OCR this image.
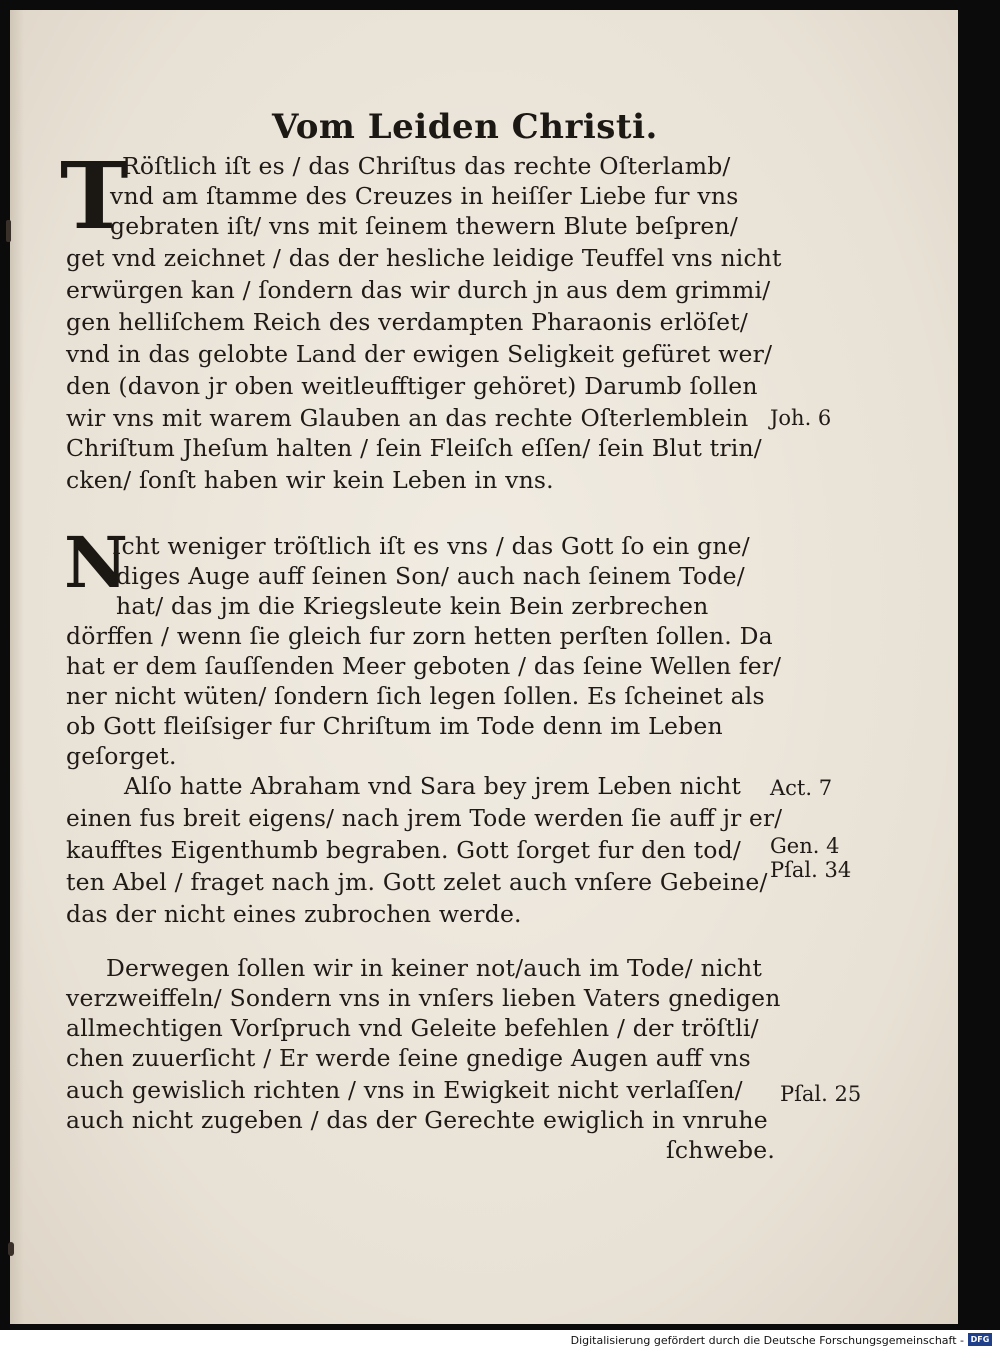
Vom Leiden Christi.
T
Röſtlich iſt es / das Chriſtus das rechte Oſterlamb/
vnd am ſtamme des Creuzes in heiſſer Liebe fur vns
gebraten iſt/ vns mit ſeinem thewern Blute beſpren/
get vnd zeichnet / das der hesliche leidige Teuffel vns nicht
erwürgen kan / ſondern das wir durch jn aus dem grimmi/
gen helliſchem Reich des verdampten Pharaonis erlöſet/
vnd in das gelobte Land der ewigen Seligkeit gefüret wer/
den (davon jr oben weitleuﬀtiger gehöret) Darumb ſollen
wir vns mit warem Glauben an das rechte Oſterlemblein
Chriſtum Jheſum halten / ſein Fleiſch eſſen/ ſein Blut trin/
cken/ ſonſt haben wir kein Leben in vns.
Joh. 6
N
Icht weniger tröſtlich iſt es vns / das Gott ſo ein gne/
diges Auge auﬀ ſeinen Son/ auch nach ſeinem Tode/
hat/ das jm die Kriegsleute kein Bein zerbrechen
dörﬀen / wenn ſie gleich fur zorn hetten perſten ſollen. Da
hat er dem ſauſſenden Meer geboten / das ſeine Wellen fer/
ner nicht wüten/ ſondern ſich legen ſollen. Es ſcheinet als
ob Gott fleiſsiger fur Chriſtum im Tode denn im Leben
geſorget.
Alſo hatte Abraham vnd Sara bey jrem Leben nicht
einen fus breit eigens/ nach jrem Tode werden ſie auﬀ jr er/
kauﬀtes Eigenthumb begraben. Gott ſorget fur den tod/
ten Abel / fraget nach jm. Gott zelet auch vnſere Gebeine/
das der nicht eines zubrochen werde.
Act. 7
Gen. 4
Pſal. 34
Derwegen ſollen wir in keiner not/auch im Tode/ nicht
verzweiﬀeln/ Sondern vns in vnſers lieben Vaters gnedigen
allmechtigen Vorſpruch vnd Geleite befehlen / der tröſtli/
chen zuuerſicht / Er werde ſeine gnedige Augen auﬀ vns
auch gewislich richten / vns in Ewigkeit nicht verlaſſen/
auch nicht zugeben / das der Gerechte ewiglich in vnruhe
ſchwebe.
Pſal. 25
Digitalisierung gefördert durch die Deutsche Forschungsgemeinschaft - DFG
